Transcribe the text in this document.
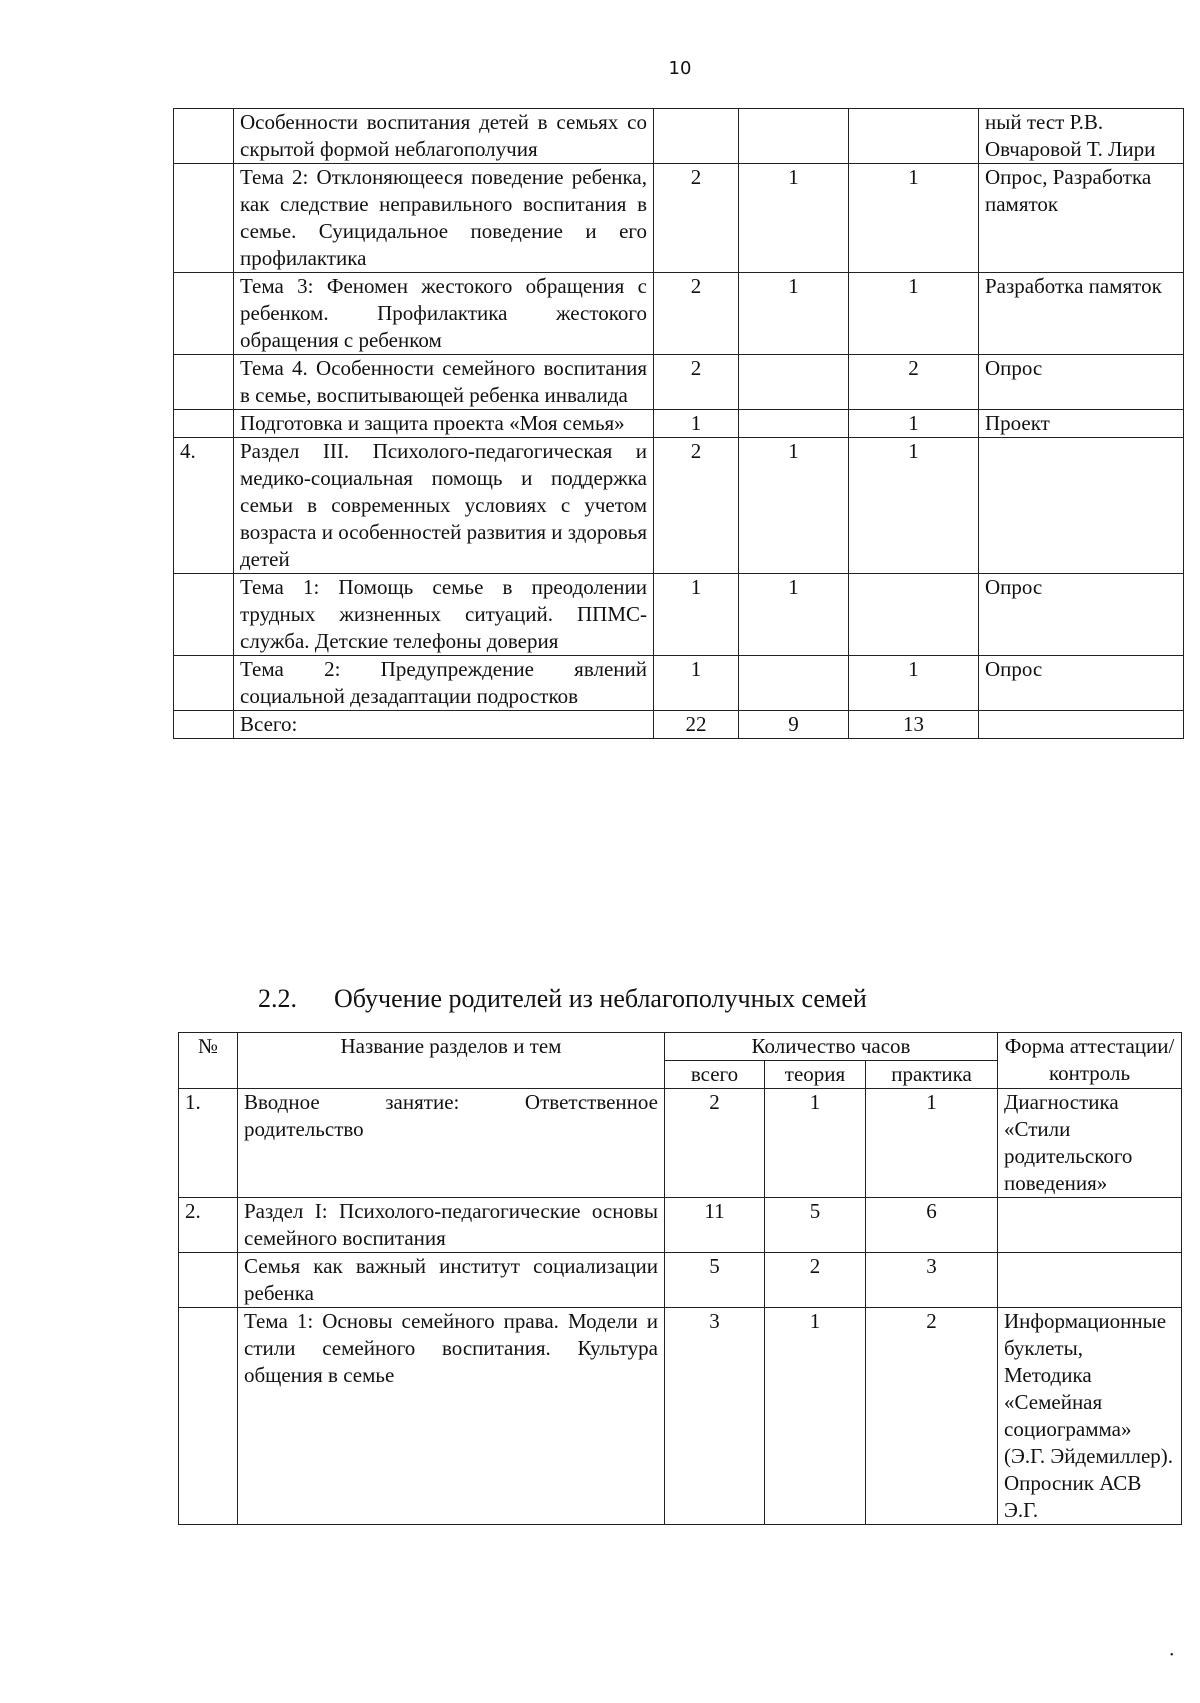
10
	Особенности воспитания детей в семьях со скрытой формой неблагополучия				ный тест Р.В. Овчаровой Т. Лири
	Тема 2: Отклоняющееся поведение ребенка, как следствие неправильного воспитания в семье. Суицидальное поведение и его профилактика	2	1	1	Опрос, Разработка памяток
	Тема 3: Феномен жестокого обращения с ребенком. Профилактика жестокого обращения с ребенком	2	1	1	Разработка памяток
	Тема 4. Особенности семейного воспитания в семье, воспитывающей ребенка инвалида	2		2	Опрос
	Подготовка и защита проекта «Моя семья»	1		1	Проект
4.	Раздел III. Психолого-педагогическая и медико-социальная помощь и поддержка семьи в современных условиях с учетом возраста и особенностей развития и здоровья детей	2	1	1	
	Тема 1: Помощь семье в преодолении трудных жизненных ситуаций. ППМС-служба. Детские телефоны доверия	1	1		Опрос
	Тема 2: Предупреждение явлений социальной дезадаптации подростков	1		1	Опрос
	Всего:	22	9	13	
2.2. Обучение родителей из неблагополучных семей
№	Название разделов и тем	Количество часов			Форма аттестации/ контроль
		всего	теория	практика	
1.	Вводное занятие: Ответственное родительство	2	1	1	Диагностика «Стили родительского поведения»
2.	Раздел I: Психолого-педагогические основы семейного воспитания	11	5	6	
	Семья как важный институт социализации ребенка	5	2	3	
	Тема 1: Основы семейного права. Модели и стили семейного воспитания. Культура общения в семье	3	1	2	Информационные буклеты, Методика «Семейная социограмма» (Э.Г. Эйдемиллер). Опросник АСВ Э.Г.
•
